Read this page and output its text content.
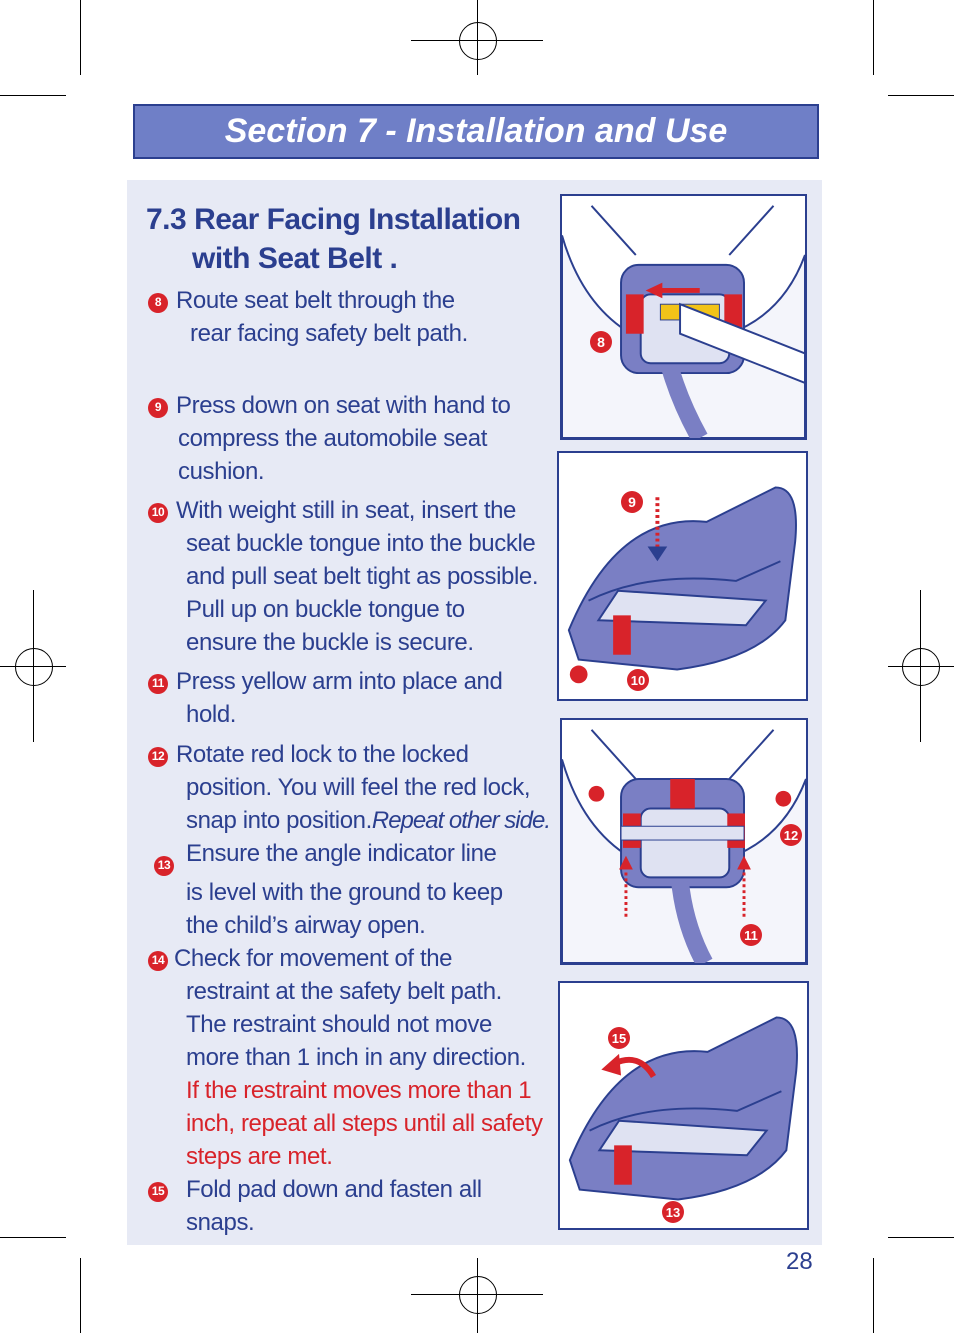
Section 7 - Installation and Use
7.3 Rear Facing Installation
with Seat Belt .
8 Route seat belt through the
rear facing safety belt path.
9 Press down on seat with hand to
compress the automobile seat
cushion.
10 With weight still in seat, insert the
seat buckle tongue into the buckle
and pull seat belt tight as possible.
Pull up on buckle tongue to
ensure the buckle is secure.
11 Press yellow arm into place and
hold.
12 Rotate red lock to the locked
position. You will feel the red lock,
snap into position.Repeat other side.
13 Ensure the angle indicator line
is level with the ground to keep
the child’s airway open.
14 Check for movement of the
restraint at the safety belt path.
The restraint should not move
more than 1 inch in any direction.
If the restraint moves more than 1
inch, repeat all steps until all safety
steps are met.
15 Fold pad down and fasten all
snaps.
8
9
10
12
11
15
13
28
